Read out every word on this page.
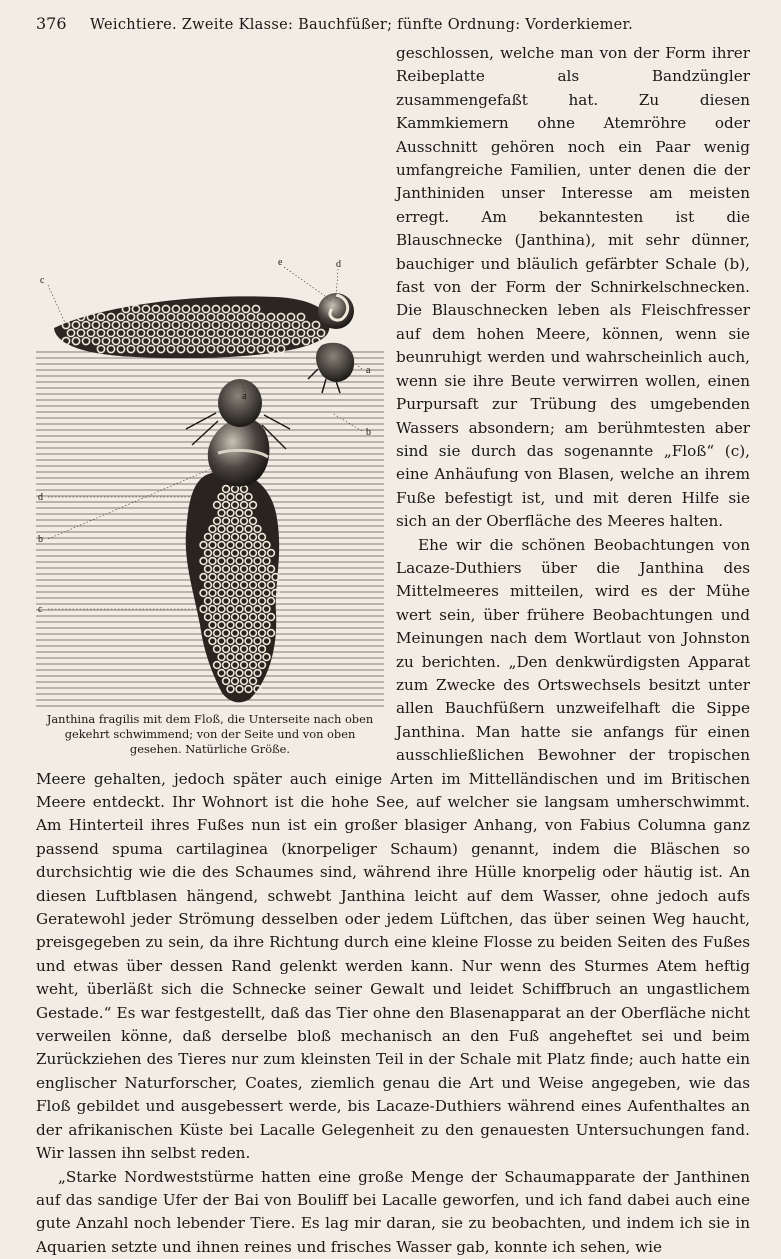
376	Weichtiere. Zweite Klasse: Bauchfüßer; fünfte Ordnung: Vorderkiemer.
e	d
c
a
a
b
d
b
c
Janthina fragilis mit dem Floß, die Unterseite nach oben gekehrt schwimmend; von der Seite und von oben gesehen. Natürliche Größe.

geschlossen, welche man von der Form ihrer Reibeplatte als Bandzüngler zusammengefaßt hat. Zu diesen Kammkiemern ohne Atemröhre oder Ausschnitt gehören noch ein Paar wenig umfangreiche Familien, unter denen die der Janthiniden unser Interesse am meisten erregt. Am bekanntesten ist die Blauschnecke (Janthina), mit sehr dünner, bauchiger und bläulich gefärbter Schale (b), fast von der Form der Schnirkelschnecken. Die Blauschnecken leben als Fleischfresser auf dem hohen Meere, können, wenn sie beunruhigt werden und wahrscheinlich auch, wenn sie ihre Beute verwirren wollen, einen Purpursaft zur Trübung des umgebenden Wassers absondern; am berühmtesten aber sind sie durch das sogenannte „Floß“ (c), eine Anhäufung von Blasen, welche an ihrem Fuße befestigt ist, und mit deren Hilfe sie sich an der Oberfläche des Meeres halten.

Ehe wir die schönen Beobachtungen von Lacaze-Duthiers über die Janthina des Mittelmeeres mitteilen, wird es der Mühe wert sein, über frühere Beobachtungen und Meinungen nach dem Wortlaut von Johnston zu berichten. „Den denkwürdigsten Apparat zum Zwecke des Ortswechsels besitzt unter allen Bauchfüßern unzweifelhaft die Sippe Janthina. Man hatte sie anfangs für einen ausschließlichen Bewohner der tropischen Meere gehalten, jedoch später auch einige Arten im Mittelländischen und im Britischen Meere entdeckt. Ihr Wohnort ist die hohe See, auf welcher sie langsam umherschwimmt. Am Hinterteil ihres Fußes nun ist ein großer blasiger Anhang, von Fabius Columna ganz passend spuma cartilaginea (knorpeliger Schaum) genannt, indem die Bläschen so durchsichtig wie die des Schaumes sind, während ihre Hülle knorpelig oder häutig ist. An diesen Luftblasen hängend, schwebt Janthina leicht auf dem Wasser, ohne jedoch aufs Geratewohl jeder Strömung desselben oder jedem Lüftchen, das über seinen Weg haucht, preisgegeben zu sein, da ihre Richtung durch eine kleine Flosse zu beiden Seiten des Fußes und etwas über dessen Rand gelenkt werden kann. Nur wenn des Sturmes Atem heftig weht, überläßt sich die Schnecke seiner Gewalt und leidet Schiffbruch an ungastlichem Gestade.“ Es war festgestellt, daß das Tier ohne den Blasenapparat an der Oberfläche nicht verweilen könne, daß derselbe bloß mechanisch an den Fuß angeheftet sei und beim Zurückziehen des Tieres nur zum kleinsten Teil in der Schale mit Platz finde; auch hatte ein englischer Naturforscher, Coates, ziemlich genau die Art und Weise angegeben, wie das Floß gebildet und ausgebessert werde, bis Lacaze-Duthiers während eines Aufenthaltes an der afrikanischen Küste bei Lacalle Gelegenheit zu den genauesten Untersuchungen fand. Wir lassen ihn selbst reden.

„Starke Nordweststürme hatten eine große Menge der Schaumapparate der Janthinen auf das sandige Ufer der Bai von Bouliff bei Lacalle geworfen, und ich fand dabei auch eine gute Anzahl noch lebender Tiere. Es lag mir daran, sie zu beobachten, und indem ich sie in Aquarien setzte und ihnen reines und frisches Wasser gab, konnte ich sehen, wie
